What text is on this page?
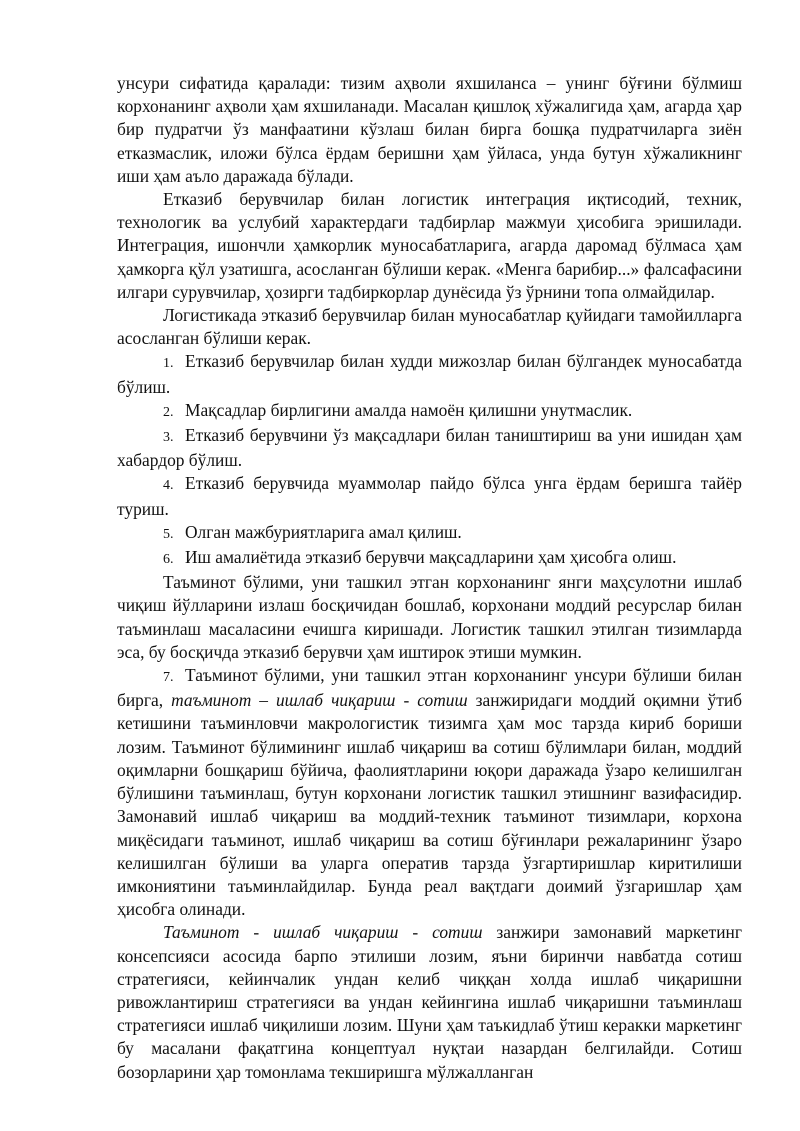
унсури сифатида қаралади: тизим аҳволи яхшиланса – унинг бўғини бўлмиш корхонанинг аҳволи ҳам яхшиланади. Масалан қишлоқ хўжалигида ҳам, агарда ҳар бир пудратчи ўз манфаатини кўзлаш билан бирга бошқа пудратчиларга зиён етказмаслик, иложи бўлса ёрдам беришни ҳам ўйласа, унда бутун хўжаликнинг иши ҳам аъло даражада бўлади.

Етказиб берувчилар билан логистик интеграция иқтисодий, техник, технологик ва услубий характердаги тадбирлар мажмуи ҳисобига эришилади. Интеграция, ишончли ҳамкорлик муносабатларига, агарда даромад бўлмаса ҳам ҳамкорга қўл узатишга, асосланган бўлиши керак. «Менга барибир...» фалсафасини илгари сурувчилар, ҳозирги тадбиркорлар дунёсида ўз ўрнини топа олмайдилар.

Логистикада этказиб берувчилар билан муносабатлар қуйидаги тамойилларга асосланган бўлиши керак.

1. Етказиб берувчилар билан худди мижозлар билан бўлгандек муносабатда бўлиш.

2. Мақсадлар бирлигини амалда намоён қилишни унутмаслик.

3. Етказиб берувчини ўз мақсадлари билан таништириш ва уни ишидан ҳам хабардор бўлиш.

4. Етказиб берувчида муаммолар пайдо бўлса унга ёрдам беришга тайёр туриш.

5. Олган мажбуриятларига амал қилиш.

6. Иш амалиётида этказиб берувчи мақсадларини ҳам ҳисобга олиш.

Таъминот бўлими, уни ташкил этган корхонанинг янги маҳсулотни ишлаб чиқиш йўлларини излаш босқичидан бошлаб, корхонани моддий ресурслар билан таъминлаш масаласини ечишга киришади. Логистик ташкил этилган тизимларда эса, бу босқичда этказиб берувчи ҳам иштирок этиши мумкин.

7. Таъминот бўлими, уни ташкил этган корхонанинг унсури бўлиши билан бирга, таъминот – ишлаб чиқариш - сотиш занжиридаги моддий оқимни ўтиб кетишини таъминловчи макрологистик тизимга ҳам мос тарзда кириб бориши лозим. Таъминот бўлимининг ишлаб чиқариш ва сотиш бўлимлари билан, моддий оқимларни бошқариш бўйича, фаолиятларини юқори даражада ўзаро келишилган бўлишини таъминлаш, бутун корхонани логистик ташкил этишнинг вазифасидир. Замонавий ишлаб чиқариш ва моддий-техник таъминот тизимлари, корхона миқёсидаги таъминот, ишлаб чиқариш ва сотиш бўғинлари режаларининг ўзаро келишилган бўлиши ва уларга оператив тарзда ўзгартиришлар киритилиши имкониятини таъминлайдилар. Бунда реал вақтдаги доимий ўзгаришлар ҳам ҳисобга олинади.

Таъминот - ишлаб чиқариш - сотиш занжири замонавий маркетинг консепсияси асосида барпо этилиши лозим, яъни биринчи навбатда сотиш стратегияси, кейинчалик ундан келиб чиққан холда ишлаб чиқаришни ривожлантириш стратегияси ва ундан кейингина ишлаб чиқаришни таъминлаш стратегияси ишлаб чиқилиши лозим. Шуни ҳам таъкидлаб ўтиш керакки маркетинг бу масалани фақатгина концептуал нуқтаи назардан белгилайди. Сотиш бозорларини ҳар томонлама текширишга мўлжалланган
